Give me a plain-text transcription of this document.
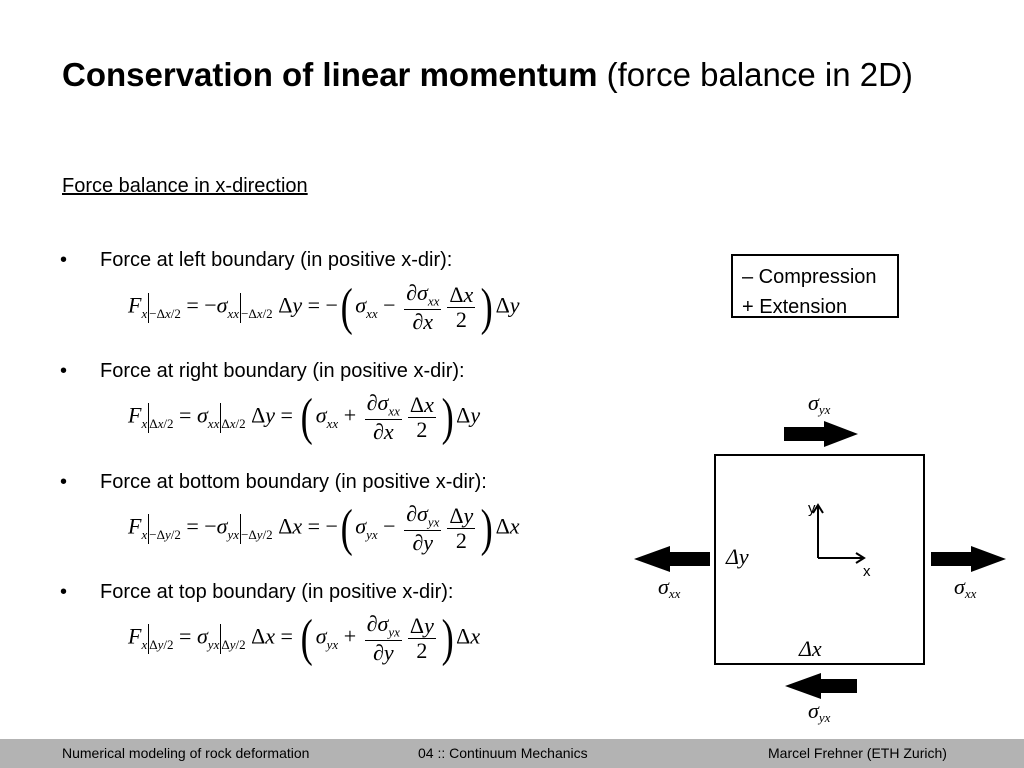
Conservation of linear momentum (force balance in 2D)
Force balance in x-direction
• Force at left boundary (in positive x-dir):
$F_x$ $_{-\Delta x/2} = -\sigma_{xx}$ $_{-\Delta x/2}$ Δy = −( $\sigma_{xx} - \frac{\partial\sigma_{xx}}{\partial x} \frac{\Delta x}{2}$ ) Δy
• Force at right boundary (in positive x-dir):
$F_x$ $_{\Delta x/2} = \sigma_{xx}$ $_{\Delta x/2}$ Δy = ( $\sigma_{xx} + \frac{\partial\sigma_{xx}}{\partial x} \frac{\Delta x}{2}$ ) Δy
• Force at bottom boundary (in positive x-dir):
$F_x$ $_{-\Delta y/2} = -\sigma_{yx}$ $_{-\Delta y/2}$ Δx = −( $\sigma_{yx} - \frac{\partial\sigma_{yx}}{\partial y} \frac{\Delta y}{2}$ ) Δx
• Force at top boundary (in positive x-dir):
$F_x$ $_{\Delta y/2} = \sigma_{yx}$ $_{\Delta y/2}$ Δx = ( $\sigma_{yx} + \frac{\partial\sigma_{yx}}{\partial y} \frac{\Delta y}{2}$ ) Δx
– Compression
+ Extension
y
x
Δy
Δx
σyx
σyx
σxx	σxx
Numerical modeling of rock deformation	04 :: Continuum Mechanics	Marcel Frehner (ETH Zurich)
